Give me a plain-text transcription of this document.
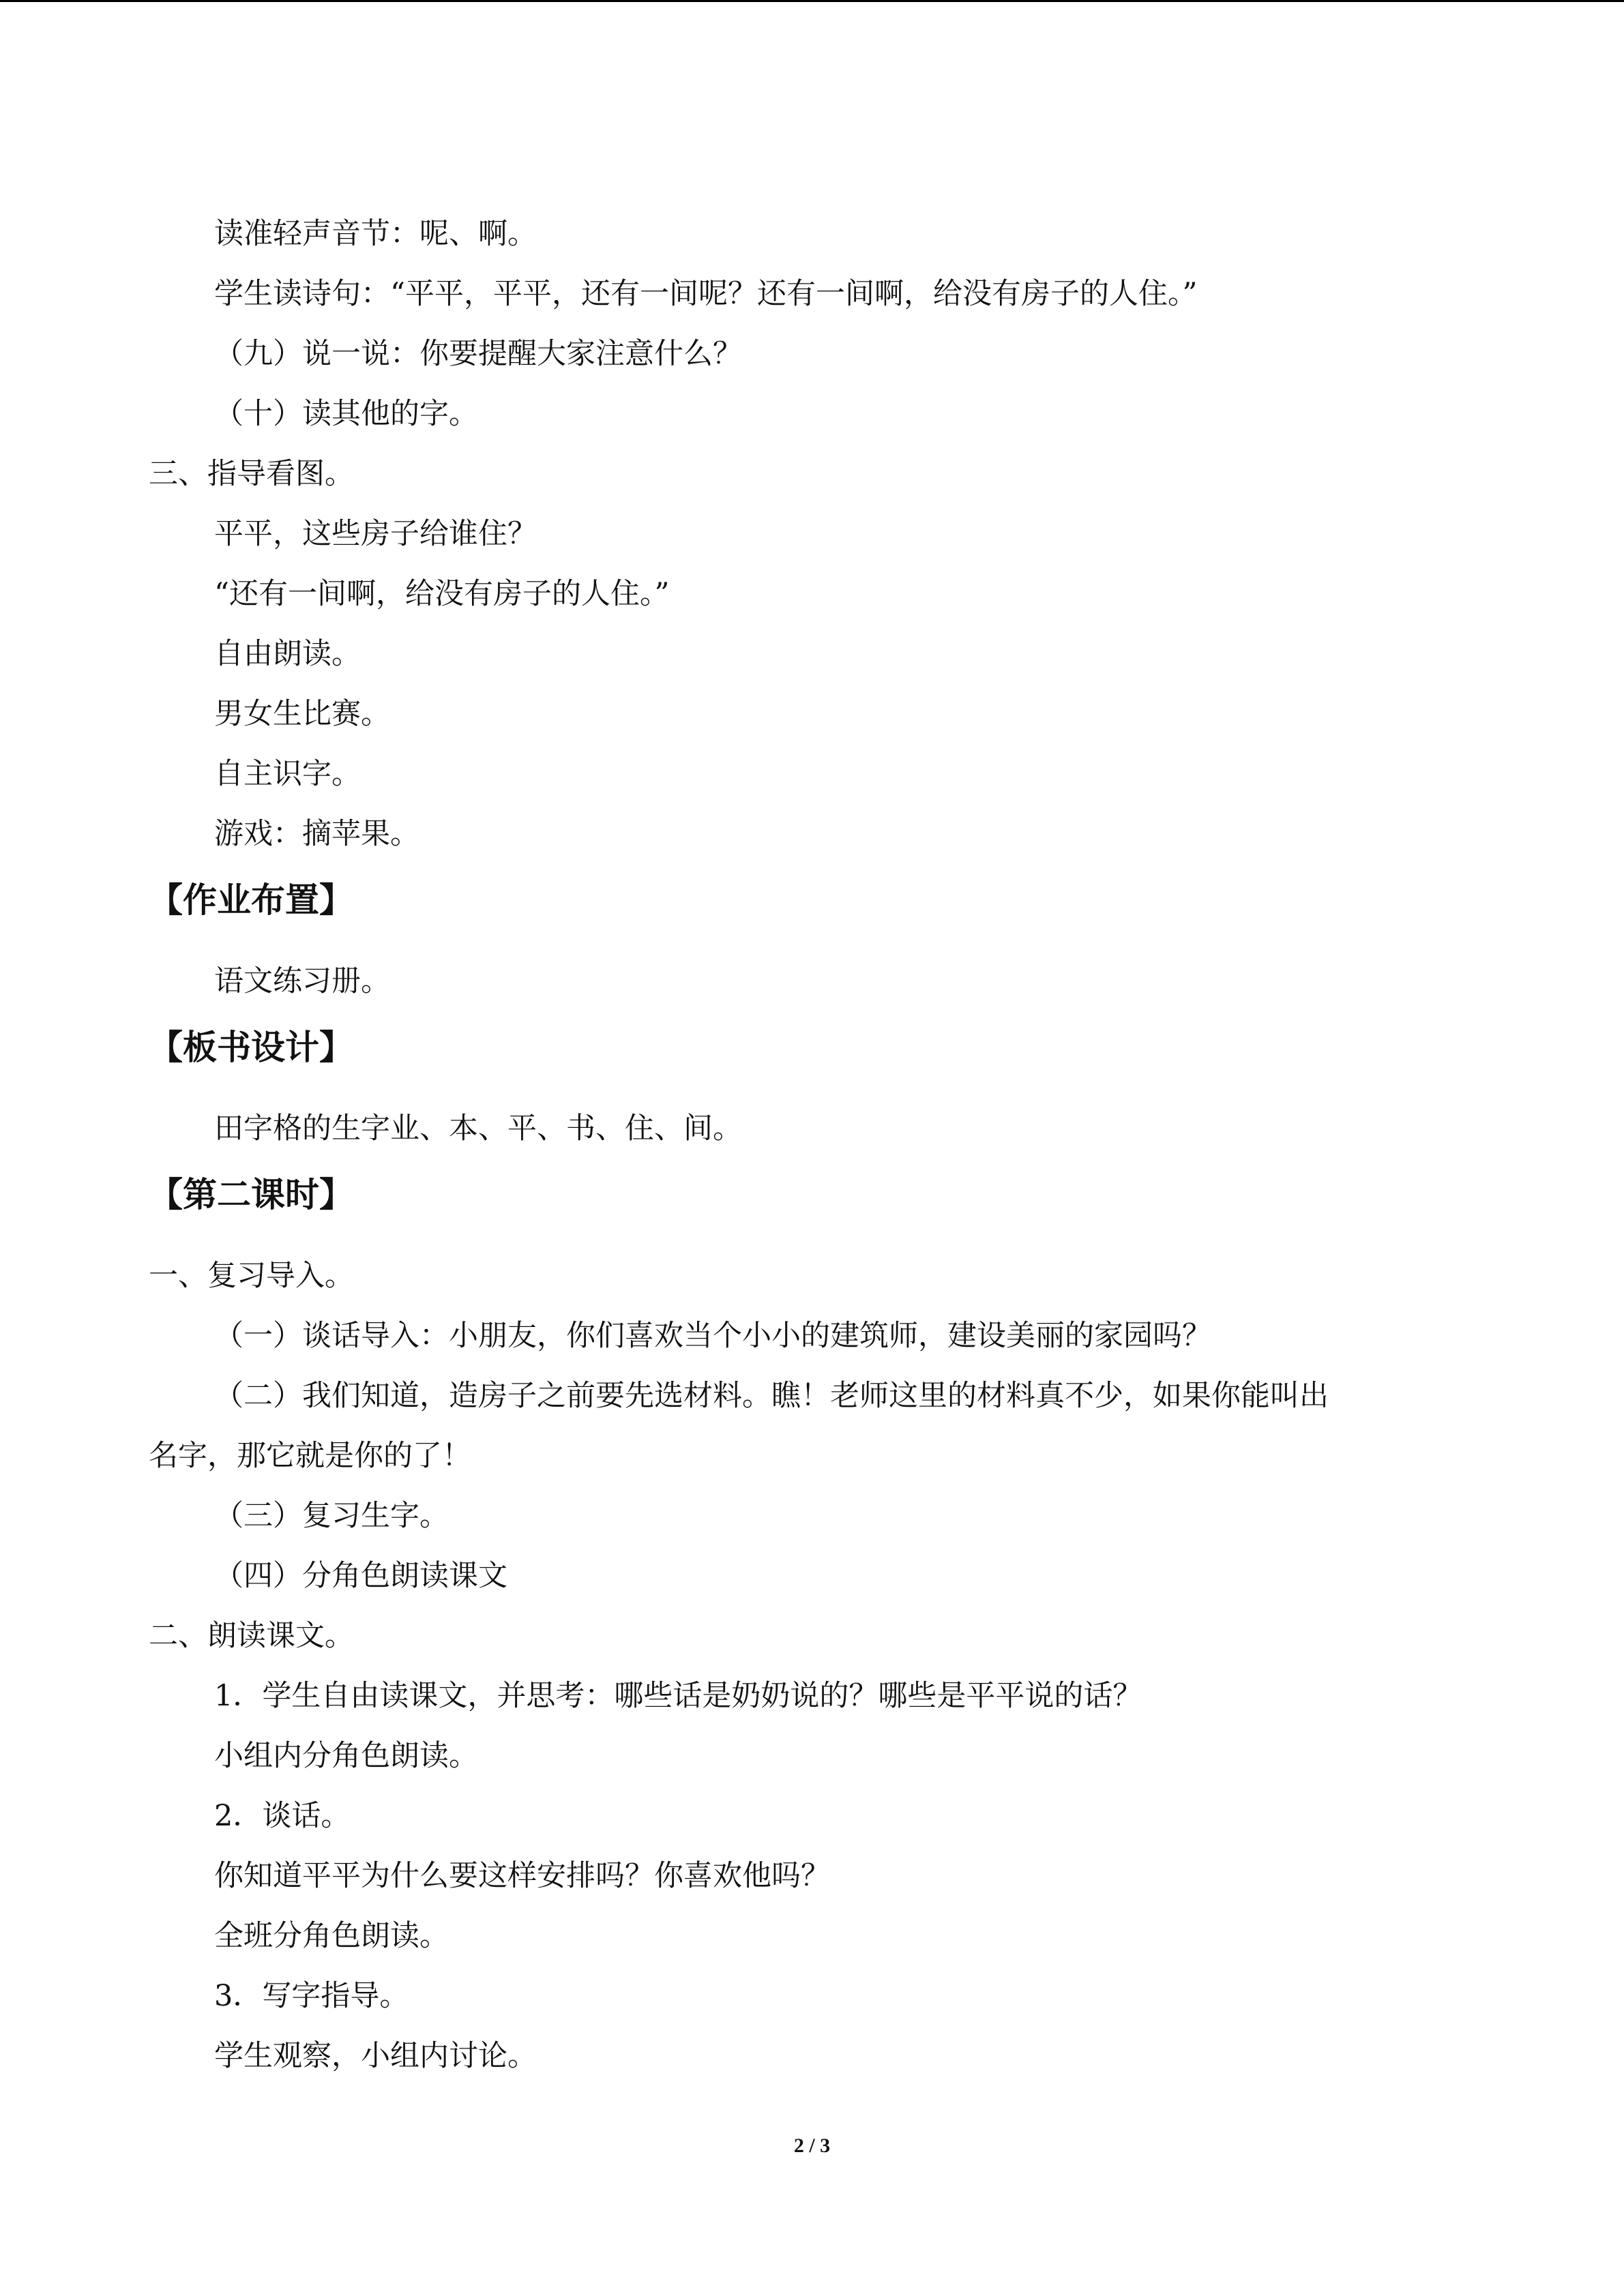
读准轻声音节：呢、啊。
学生读诗句：“平平，平平，还有一间呢？还有一间啊，给没有房子的人住。”
（九）说一说：你要提醒大家注意什么？
（十）读其他的字。
三、指导看图。
平平，这些房子给谁住？
“还有一间啊，给没有房子的人住。”
自由朗读。
男女生比赛。
自主识字。
游戏：摘苹果。
【作业布置】
语文练习册。
【板书设计】
田字格的生字业、本、平、书、住、间。
【第二课时】
一、复习导入。
（一）谈话导入：小朋友，你们喜欢当个小小的建筑师，建设美丽的家园吗？
（二）我们知道，造房子之前要先选材料。瞧！老师这里的材料真不少，如果你能叫出
名字，那它就是你的了！
（三）复习生字。
（四）分角色朗读课文
二、朗读课文。
1．学生自由读课文，并思考：哪些话是奶奶说的？哪些是平平说的话？
小组内分角色朗读。
2．谈话。
你知道平平为什么要这样安排吗？你喜欢他吗？
全班分角色朗读。
3．写字指导。
学生观察，小组内讨论。
2 / 3
